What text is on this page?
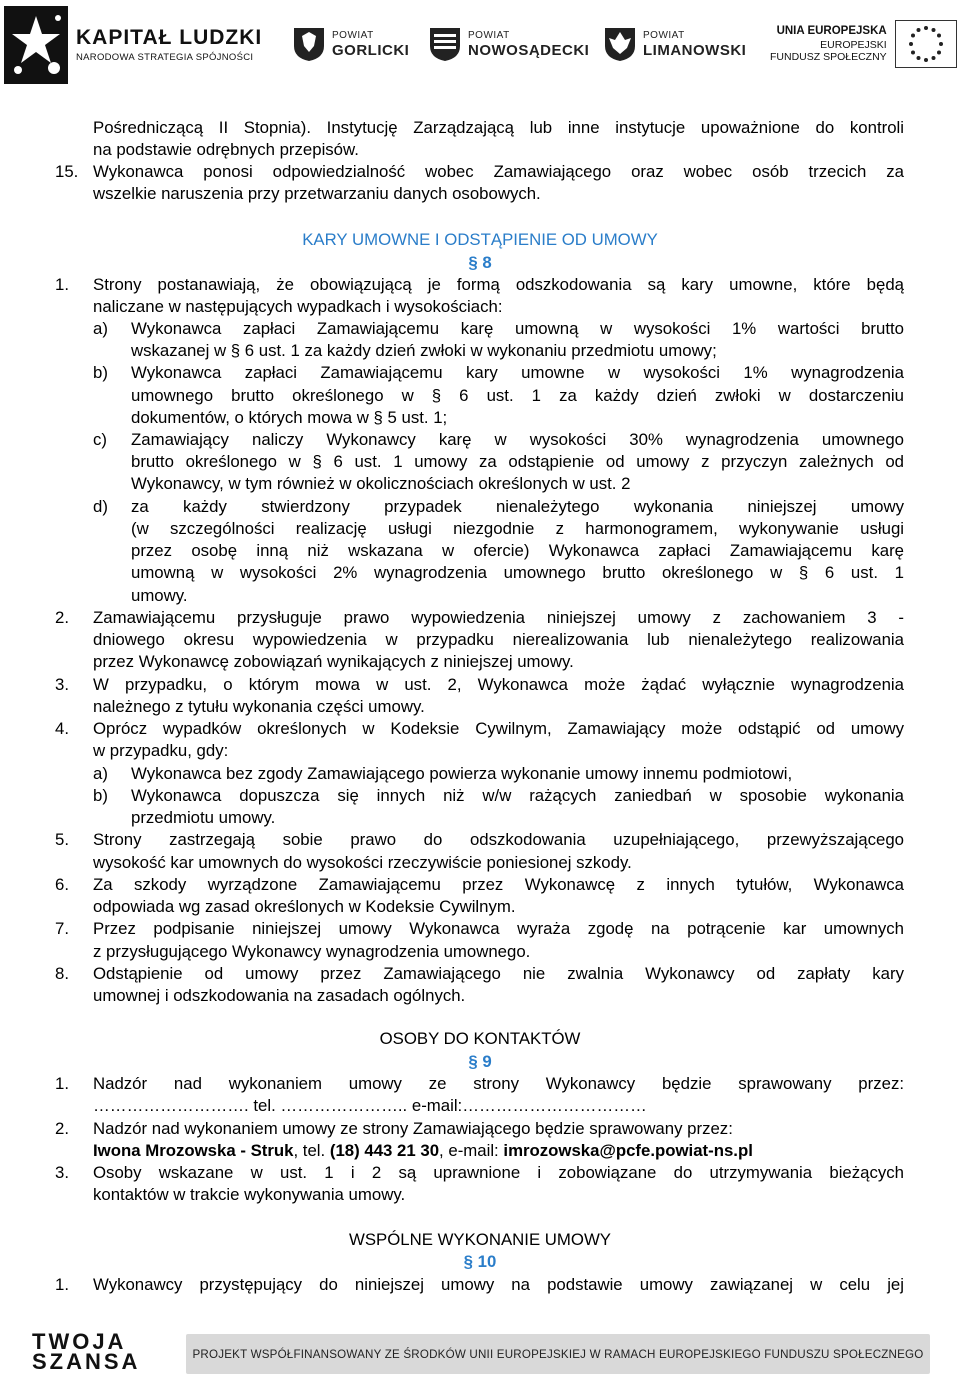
KAPITAŁ LUDZKI
NARODOWA STRATEGIA SPÓJNOŚCI
POWIAT
GORLICKI
POWIAT
NOWOSĄDECKI
POWIAT
LIMANOWSKI
UNIA EUROPEJSKA
EUROPEJSKI
FUNDUSZ SPOŁECZNY
Pośredniczącą II Stopnia). Instytucję Zarządzającą lub inne instytucje upoważnione do kontroli
na podstawie odrębnych przepisów.
15. Wykonawca ponosi odpowiedzialność wobec Zamawiającego oraz wobec osób trzecich za
wszelkie naruszenia przy przetwarzaniu danych osobowych.
KARY UMOWNE I ODSTĄPIENIE OD UMOWY
§ 8
1. Strony postanawiają, że obowiązującą je formą odszkodowania są kary umowne, które będą
naliczane w następujących wypadkach i wysokościach:
a) Wykonawca zapłaci Zamawiającemu karę umowną w wysokości 1% wartości brutto
wskazanej w § 6 ust. 1 za każdy dzień zwłoki w wykonaniu przedmiotu umowy;
b) Wykonawca zapłaci Zamawiającemu kary umowne w wysokości 1% wynagrodzenia
umownego brutto określonego w § 6 ust. 1 za każdy dzień zwłoki w dostarczeniu
dokumentów, o których mowa w § 5 ust. 1;
c) Zamawiający naliczy Wykonawcy karę w wysokości 30% wynagrodzenia umownego
brutto określonego w § 6 ust. 1 umowy za odstąpienie od umowy z przyczyn zależnych od
Wykonawcy, w tym również w okolicznościach określonych w ust. 2
d) za każdy stwierdzony przypadek nienależytego wykonania niniejszej umowy
(w szczególności realizację usługi niezgodnie z harmonogramem, wykonywanie usługi
przez osobę inną niż wskazana w ofercie) Wykonawca zapłaci Zamawiającemu karę
umowną w wysokości 2% wynagrodzenia umownego brutto określonego w § 6 ust. 1
umowy.
2. Zamawiającemu przysługuje prawo wypowiedzenia niniejszej umowy z zachowaniem 3 -
dniowego okresu wypowiedzenia w przypadku nierealizowania lub nienależytego realizowania
przez Wykonawcę zobowiązań wynikających z niniejszej umowy.
3. W przypadku, o którym mowa w ust. 2, Wykonawca może żądać wyłącznie wynagrodzenia
należnego z tytułu wykonania części umowy.
4. Oprócz wypadków określonych w Kodeksie Cywilnym, Zamawiający może odstąpić od umowy
w przypadku, gdy:
a) Wykonawca bez zgody Zamawiającego powierza wykonanie umowy innemu podmiotowi,
b) Wykonawca dopuszcza się innych niż w/w rażących zaniedbań w sposobie wykonania
przedmiotu umowy.
5. Strony zastrzegają sobie prawo do odszkodowania uzupełniającego, przewyższającego
wysokość kar umownych do wysokości rzeczywiście poniesionej szkody.
6. Za szkody wyrządzone Zamawiającemu przez Wykonawcę z innych tytułów, Wykonawca
odpowiada wg zasad określonych w Kodeksie Cywilnym.
7. Przez podpisanie niniejszej umowy Wykonawca wyraża zgodę na potrącenie kar umownych
z przysługującego Wykonawcy wynagrodzenia umownego.
8. Odstąpienie od umowy przez Zamawiającego nie zwalnia Wykonawcy od zapłaty kary
umownej i odszkodowania na zasadach ogólnych.
OSOBY DO KONTAKTÓW
§ 9
1. Nadzór nad wykonaniem umowy ze strony Wykonawcy będzie sprawowany przez:
………………………. tel. ………………….. e-mail:……………………………
2. Nadzór nad wykonaniem umowy ze strony Zamawiającego będzie sprawowany przez:
Iwona Mrozowska - Struk, tel. (18) 443 21 30, e-mail: imrozowska@pcfe.powiat-ns.pl
3. Osoby wskazane w ust. 1 i 2 są uprawnione i zobowiązane do utrzymywania bieżących
kontaktów w trakcie wykonywania umowy.
WSPÓLNE WYKONANIE UMOWY
§ 10
1. Wykonawcy przystępujący do niniejszej umowy na podstawie umowy zawiązanej w celu jej
TWOJA
SZANSA	PROJEKT WSPÓŁFINANSOWANY ZE ŚRODKÓW UNII EUROPEJSKIEJ W RAMACH EUROPEJSKIEGO FUNDUSZU SPOŁECZNEGO
